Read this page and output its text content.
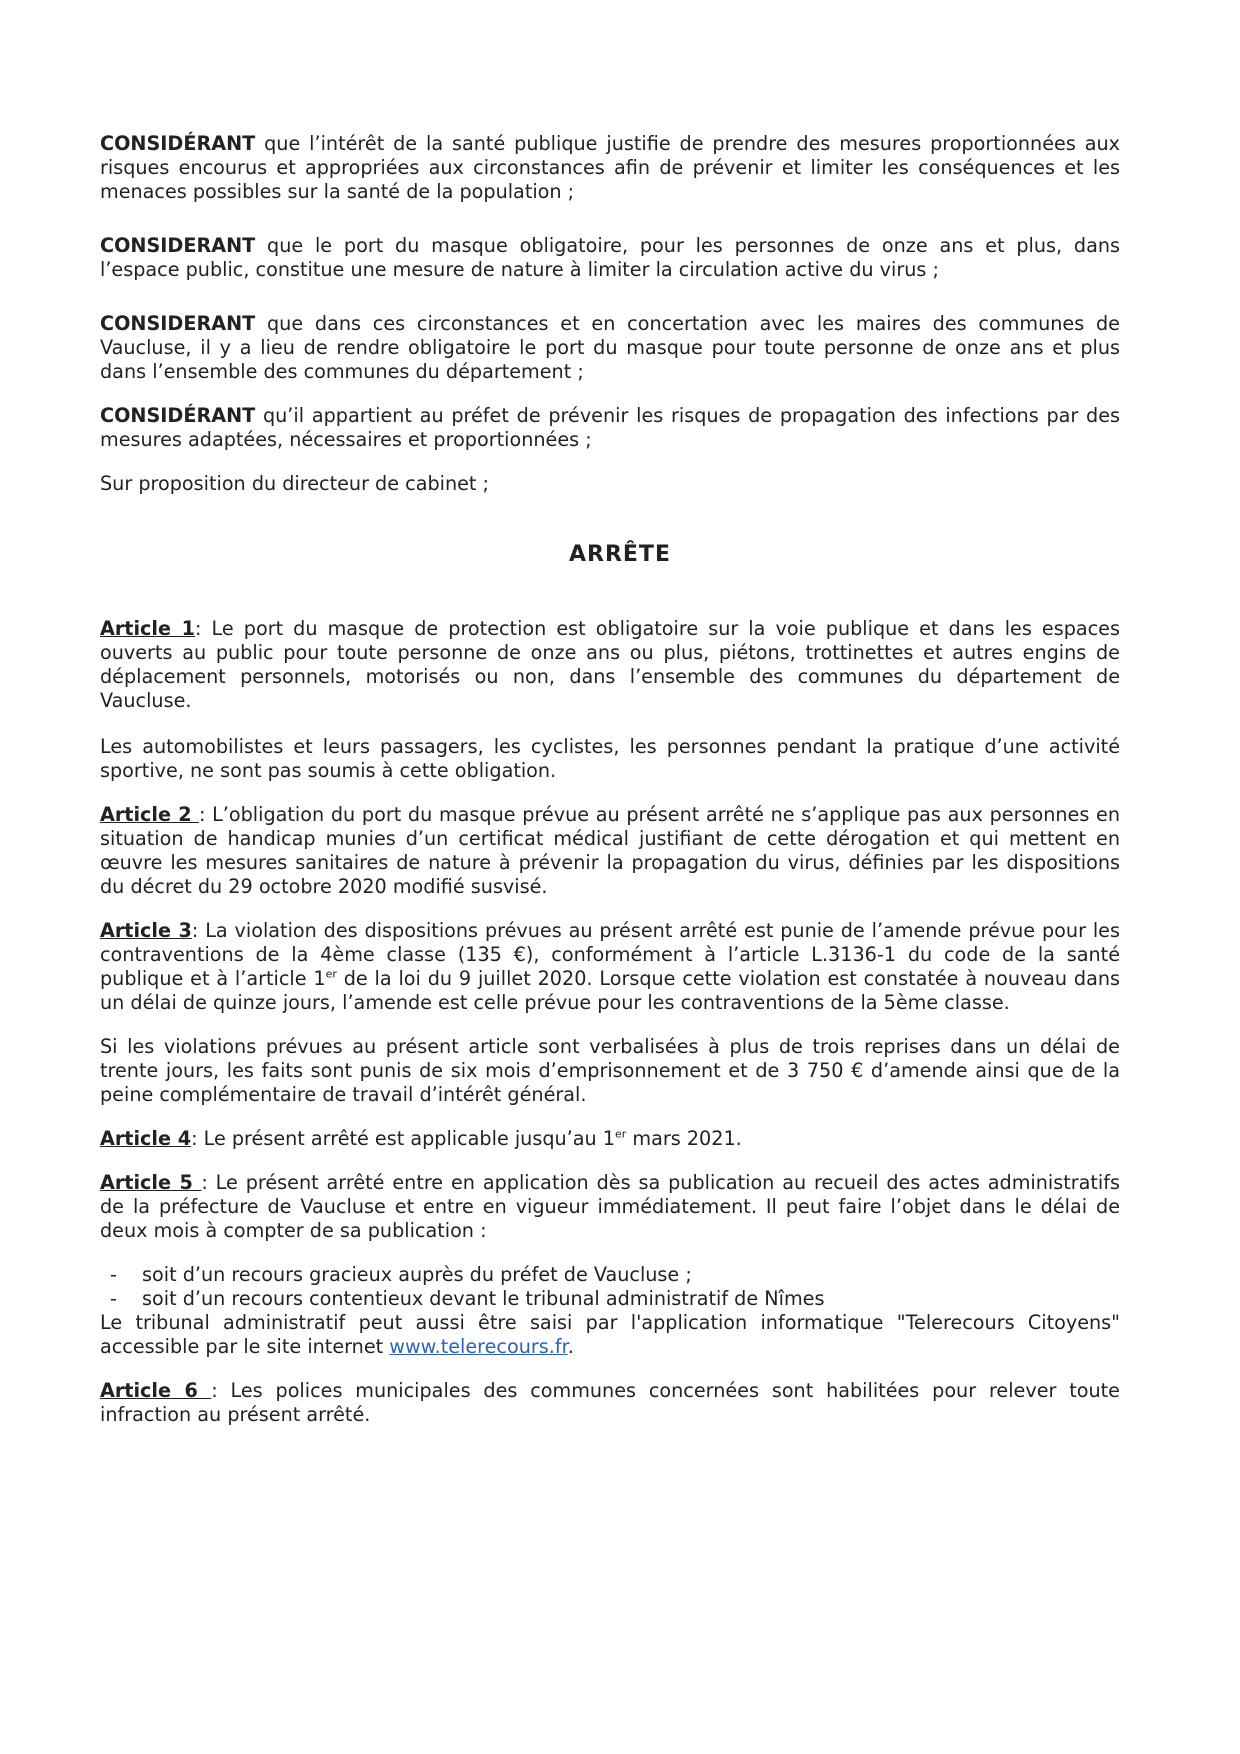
CONSIDÉRANT que l’intérêt de la santé publique justifie de prendre des mesures proportionnées aux risques encourus et appropriées aux circonstances afin de prévenir et limiter les conséquences et les menaces possibles sur la santé de la population ;

CONSIDERANT que le port du masque obligatoire, pour les personnes de onze ans et plus, dans l’espace public, constitue une mesure de nature à limiter la circulation active du virus ;

CONSIDERANT que dans ces circonstances et en concertation avec les maires des communes de Vaucluse, il y a lieu de rendre obligatoire le port du masque pour toute personne de onze ans et plus dans l’ensemble des communes du département ;

CONSIDÉRANT qu’il appartient au préfet de prévenir les risques de propagation des infections par des mesures adaptées, nécessaires et proportionnées ;

Sur proposition du directeur de cabinet ;

ARRÊTE

Article 1: Le port du masque de protection est obligatoire sur la voie publique et dans les espaces ouverts au public pour toute personne de onze ans ou plus, piétons, trottinettes et autres engins de déplacement personnels, motorisés ou non, dans l’ensemble des communes du département de Vaucluse.

Les automobilistes et leurs passagers, les cyclistes, les personnes pendant la pratique d’une activité sportive, ne sont pas soumis à cette obligation.

Article 2 : L’obligation du port du masque prévue au présent arrêté ne s’applique pas aux personnes en situation de handicap munies d’un certificat médical justifiant de cette dérogation et qui mettent en œuvre les mesures sanitaires de nature à prévenir la propagation du virus, définies par les dispositions du décret du 29 octobre 2020 modifié susvisé.

Article 3: La violation des dispositions prévues au présent arrêté est punie de l’amende prévue pour les contraventions de la 4ème classe (135 €), conformément à l’article L.3136-1 du code de la santé publique et à l’article 1er de la loi du 9 juillet 2020. Lorsque cette violation est constatée à nouveau dans un délai de quinze jours, l’amende est celle prévue pour les contraventions de la 5ème classe.

Si les violations prévues au présent article sont verbalisées à plus de trois reprises dans un délai de trente jours, les faits sont punis de six mois d’emprisonnement et de 3 750 € d’amende ainsi que de la peine complémentaire de travail d’intérêt général.

Article 4: Le présent arrêté est applicable jusqu’au 1er mars 2021.

Article 5 : Le présent arrêté entre en application dès sa publication au recueil des actes administratifs de la préfecture de Vaucluse et entre en vigueur immédiatement. Il peut faire l’objet dans le délai de deux mois à compter de sa publication :

- soit d’un recours gracieux auprès du préfet de Vaucluse ;
- soit d’un recours contentieux devant le tribunal administratif de Nîmes

Le tribunal administratif peut aussi être saisi par l'application informatique "Telerecours Citoyens" accessible par le site internet www.telerecours.fr.

Article 6 : Les polices municipales des communes concernées sont habilitées pour relever toute infraction au présent arrêté.
